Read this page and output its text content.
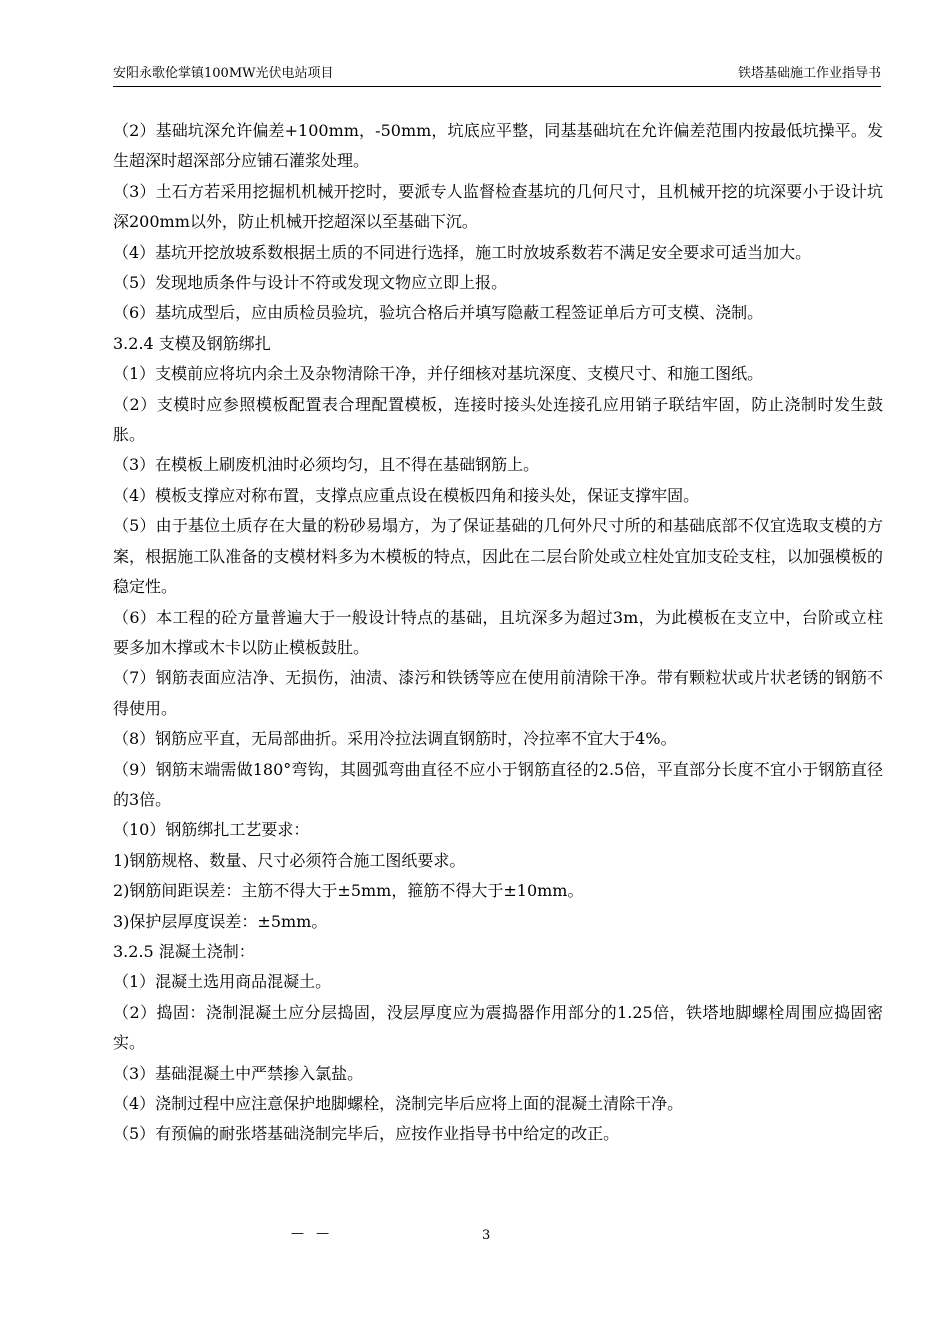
安阳永歌伦掌镇100MW光伏电站项目	铁塔基础施工作业指导书

（2）基础坑深允许偏差+100mm，-50mm，坑底应平整，同基基础坑在允许偏差范围内按最低坑操平。发生超深时超深部分应铺石灌浆处理。

（3）土石方若采用挖掘机机械开挖时，要派专人监督检查基坑的几何尺寸，且机械开挖的坑深要小于设计坑深200mm以外，防止机械开挖超深以至基础下沉。

（4）基坑开挖放坡系数根据土质的不同进行选择，施工时放坡系数若不满足安全要求可适当加大。

（5）发现地质条件与设计不符或发现文物应立即上报。

（6）基坑成型后，应由质检员验坑，验坑合格后并填写隐蔽工程签证单后方可支模、浇制。

3.2.4 支模及钢筋绑扎

（1）支模前应将坑内余土及杂物清除干净，并仔细核对基坑深度、支模尺寸、和施工图纸。

（2）支模时应参照模板配置表合理配置模板，连接时接头处连接孔应用销子联结牢固，防止浇制时发生鼓胀。

（3）在模板上刷废机油时必须均匀，且不得在基础钢筋上。

（4）模板支撑应对称布置，支撑点应重点设在模板四角和接头处，保证支撑牢固。

（5）由于基位土质存在大量的粉砂易塌方，为了保证基础的几何外尺寸所的和基础底部不仅宜选取支模的方案，根据施工队准备的支模材料多为木模板的特点，因此在二层台阶处或立柱处宜加支砼支柱，以加强模板的稳定性。

（6）本工程的砼方量普遍大于一般设计特点的基础，且坑深多为超过3m，为此模板在支立中，台阶或立柱要多加木撑或木卡以防止模板鼓肚。

（7）钢筋表面应洁净、无损伤，油渍、漆污和铁锈等应在使用前清除干净。带有颗粒状或片状老锈的钢筋不得使用。

（8）钢筋应平直，无局部曲折。采用冷拉法调直钢筋时，冷拉率不宜大于4%。

（9）钢筋末端需做180°弯钩，其圆弧弯曲直径不应小于钢筋直径的2.5倍，平直部分长度不宜小于钢筋直径的3倍。

（10）钢筋绑扎工艺要求：

1)钢筋规格、数量、尺寸必须符合施工图纸要求。

2)钢筋间距误差：主筋不得大于±5mm，箍筋不得大于±10mm。

3)保护层厚度误差：±5mm。

3.2.5 混凝土浇制：

（1）混凝土选用商品混凝土。

（2）捣固：浇制混凝土应分层捣固，没层厚度应为震捣器作用部分的1.25倍，铁塔地脚螺栓周围应捣固密实。

（3）基础混凝土中严禁掺入氯盐。

（4）浇制过程中应注意保护地脚螺栓，浇制完毕后应将上面的混凝土清除干净。

（5）有预偏的耐张塔基础浇制完毕后，应按作业指导书中给定的改正。

— —	3
